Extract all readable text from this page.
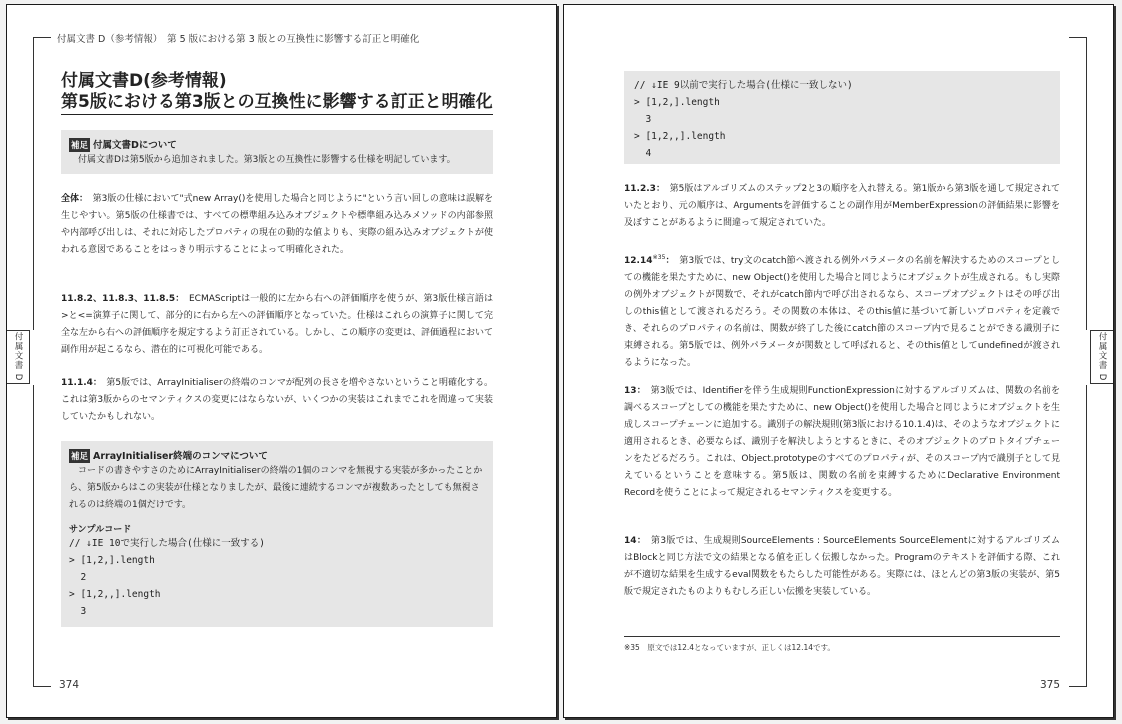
付属文書 D（参考情報）　第 5 版における第 3 版との互換性に影響する訂正と明確化
付属文書 D
374
付属文書D(参考情報)
第5版における第3版との互換性に影響する訂正と明確化
補足 付属文書Dについて
付属文書Dは第5版から追加されました。第3版との互換性に影響する仕様を明記しています。
全体：　 第3版の仕様において"式new Array()を使用した場合と同じように"という言い回しの意味は誤解を生じやすい。第5版の仕様書では、すべての標準組み込みオブジェクトや標準組み込みメソッドの内部参照や内部呼び出しは、それに対応したプロパティの現在の動的な値よりも、実際の組み込みオブジェクトが使われる意図であることをはっきり明示することによって明確化された。
11.8.2、11.8.3、11.8.5：　 ECMAScriptは一般的に左から右への評価順序を使うが、第3版仕様言語は>と<=演算子に関して、部分的に右から左への評価順序となっていた。仕様はこれらの演算子に関して完全な左から右への評価順序を規定するよう訂正されている。しかし、この順序の変更は、評価過程において副作用が起こるなら、潜在的に可視化可能である。
11.1.4：　 第5版では、ArrayInitialiserの終端のコンマが配列の長さを増やさないということ明確化する。これは第3版からのセマンティクスの変更にはならないが、いくつかの実装はこれまでこれを間違って実装していたかもしれない。
補足 ArrayInitialiser終端のコンマについて
コードの書きやすさのためにArrayInitialiserの終端の1個のコンマを無視する実装が多かったことから、第5版からはこの実装が仕様となりましたが、最後に連続するコンマが複数あったとしても無視されるのは終端の1個だけです。
サンプルコード
// ↓IE 10で実行した場合(仕様に一致する)
> [1,2,].length
2
> [1,2,,].length
3
付属文書 D
375
// ↓IE 9以前で実行した場合(仕様に一致しない)
> [1,2,].length
3
> [1,2,,].length
4
11.2.3：　 第5版はアルゴリズムのステップ2と3の順序を入れ替える。第1版から第3版を通して規定されていたとおり、元の順序は、Argumentsを評価することの副作用がMemberExpressionの評価結果に影響を及ぼすことがあるように間違って規定されていた。
12.14$^{※35}$：　 第3版では、try文のcatch節へ渡される例外パラメータの名前を解決するためのスコープとしての機能を果たすために、new Object()を使用した場合と同じようにオブジェクトが生成される。もし実際の例外オブジェクトが関数で、それがcatch節内で呼び出されるなら、スコープオブジェクトはその呼び出しのthis値として渡されるだろう。その関数の本体は、そのthis値に基づいて新しいプロパティを定義でき、それらのプロパティの名前は、関数が終了した後にcatch節のスコープ内で見ることができる識別子に束縛される。第5版では、例外パラメータが関数として呼ばれると、そのthis値としてundefinedが渡されるようになった。
13：　 第3版では、Identifierを伴う生成規則FunctionExpressionに対するアルゴリズムは、関数の名前を調べるスコープとしての機能を果たすために、new Object()を使用した場合と同じようにオブジェクトを生成しスコープチェーンに追加する。識別子の解決規則(第3版における10.1.4)は、そのようなオブジェクトに適用されるとき、必要ならば、識別子を解決しようとするときに、そのオブジェクトのプロトタイプチェーンをたどるだろう。これは、Object.prototypeのすべてのプロパティが、そのスコープ内で識別子として見えているということを意味する。第5版は、関数の名前を束縛するためにDeclarative Environment Recordを使うことによって規定されるセマンティクスを変更する。
14：　 第3版では、生成規則SourceElements : SourceElements SourceElementに対するアルゴリズムはBlockと同じ方法で文の結果となる値を正しく伝搬しなかった。Programのテキストを評価する際、これが不適切な結果を生成するeval関数をもたらした可能性がある。実際には、ほとんどの第3版の実装が、第5版で規定されたものよりもむしろ正しい伝搬を実装している。
※35　原文では12.4となっていますが、正しくは12.14です。
